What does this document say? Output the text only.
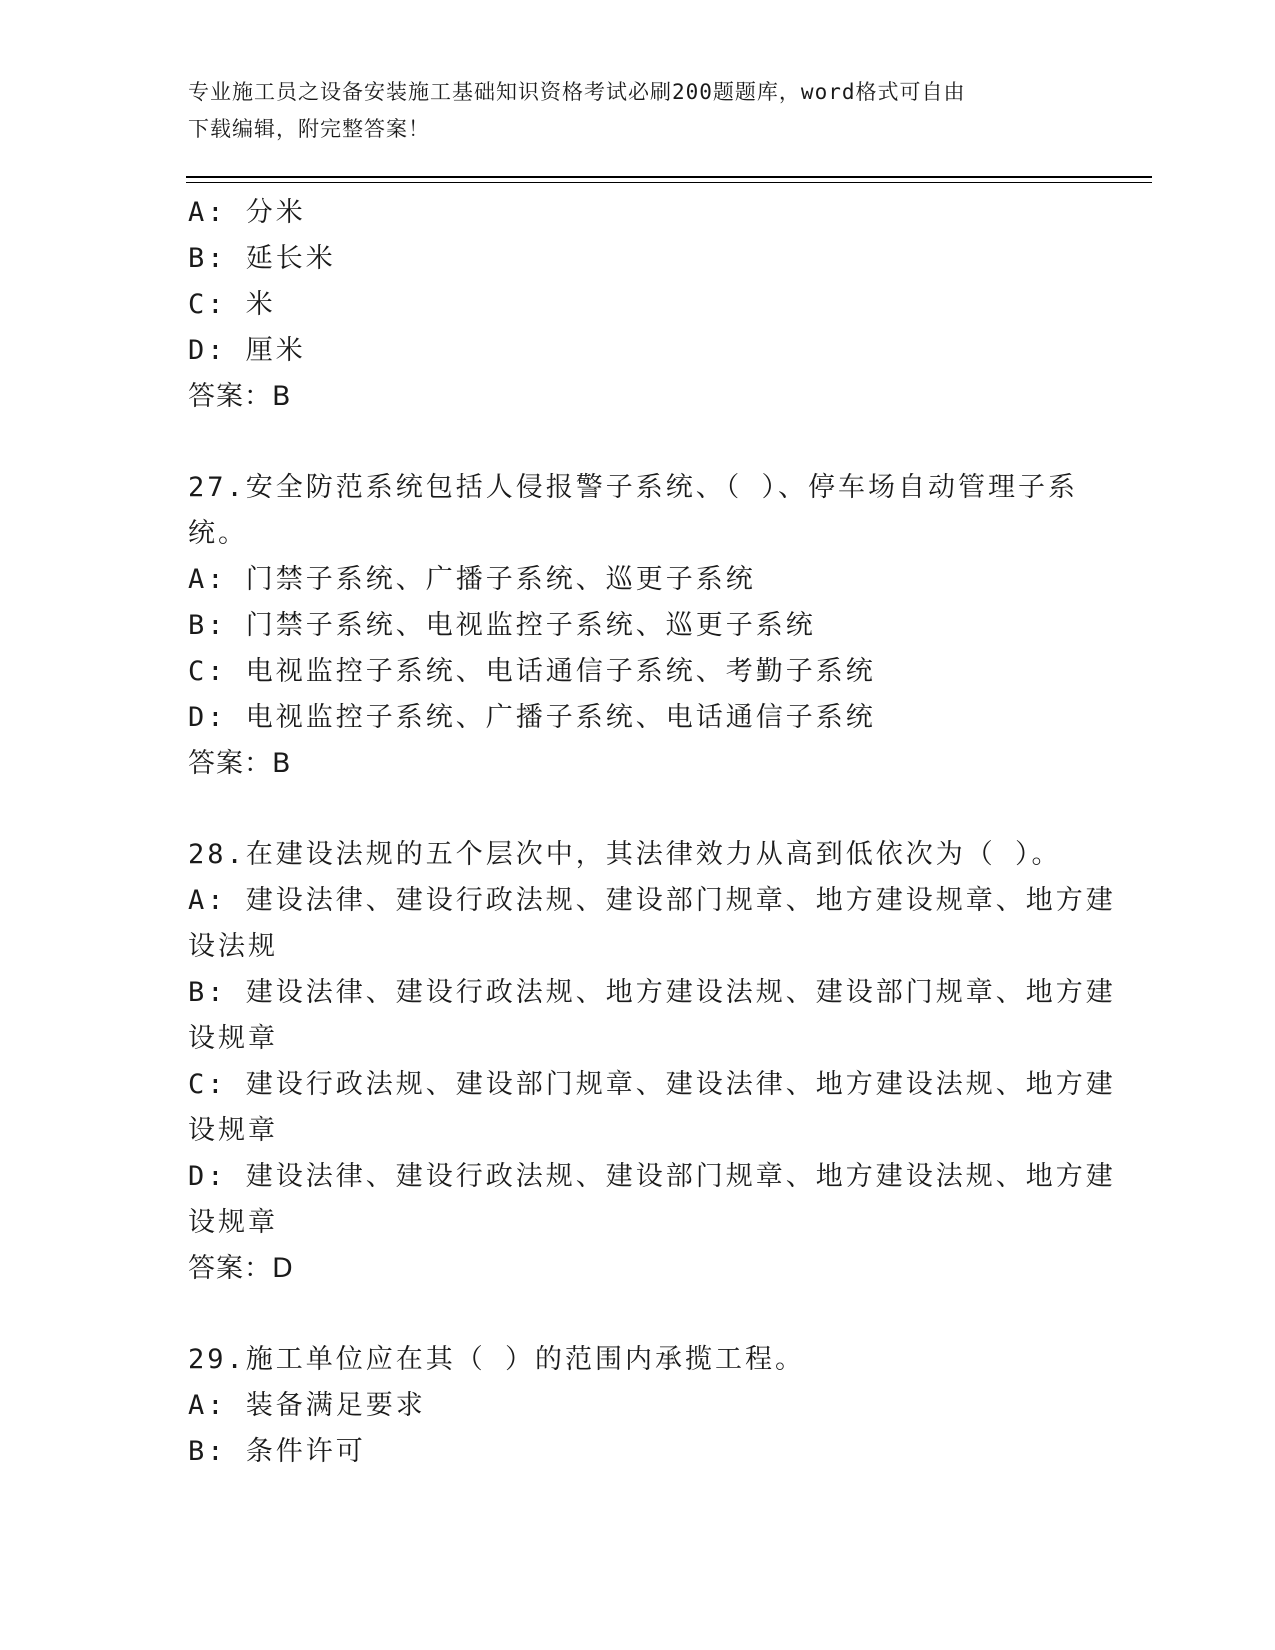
专业施工员之设备安装施工基础知识资格考试必刷200题题库，word格式可自由
下载编辑，附完整答案！
A: 分米
B: 延长米
C: 米
D: 厘米
答案：B
27.安全防范系统包括人侵报警子系统、（ ）、停车场自动管理子系
统。
A: 门禁子系统、广播子系统、巡更子系统
B: 门禁子系统、电视监控子系统、巡更子系统
C: 电视监控子系统、电话通信子系统、考勤子系统
D: 电视监控子系统、广播子系统、电话通信子系统
答案：B
28.在建设法规的五个层次中，其法律效力从高到低依次为（ ）。
A: 建设法律、建设行政法规、建设部门规章、地方建设规章、地方建
设法规
B: 建设法律、建设行政法规、地方建设法规、建设部门规章、地方建
设规章
C: 建设行政法规、建设部门规章、建设法律、地方建设法规、地方建
设规章
D: 建设法律、建设行政法规、建设部门规章、地方建设法规、地方建
设规章
答案：D
29.施工单位应在其（ ）的范围内承揽工程。
A: 装备满足要求
B: 条件许可
